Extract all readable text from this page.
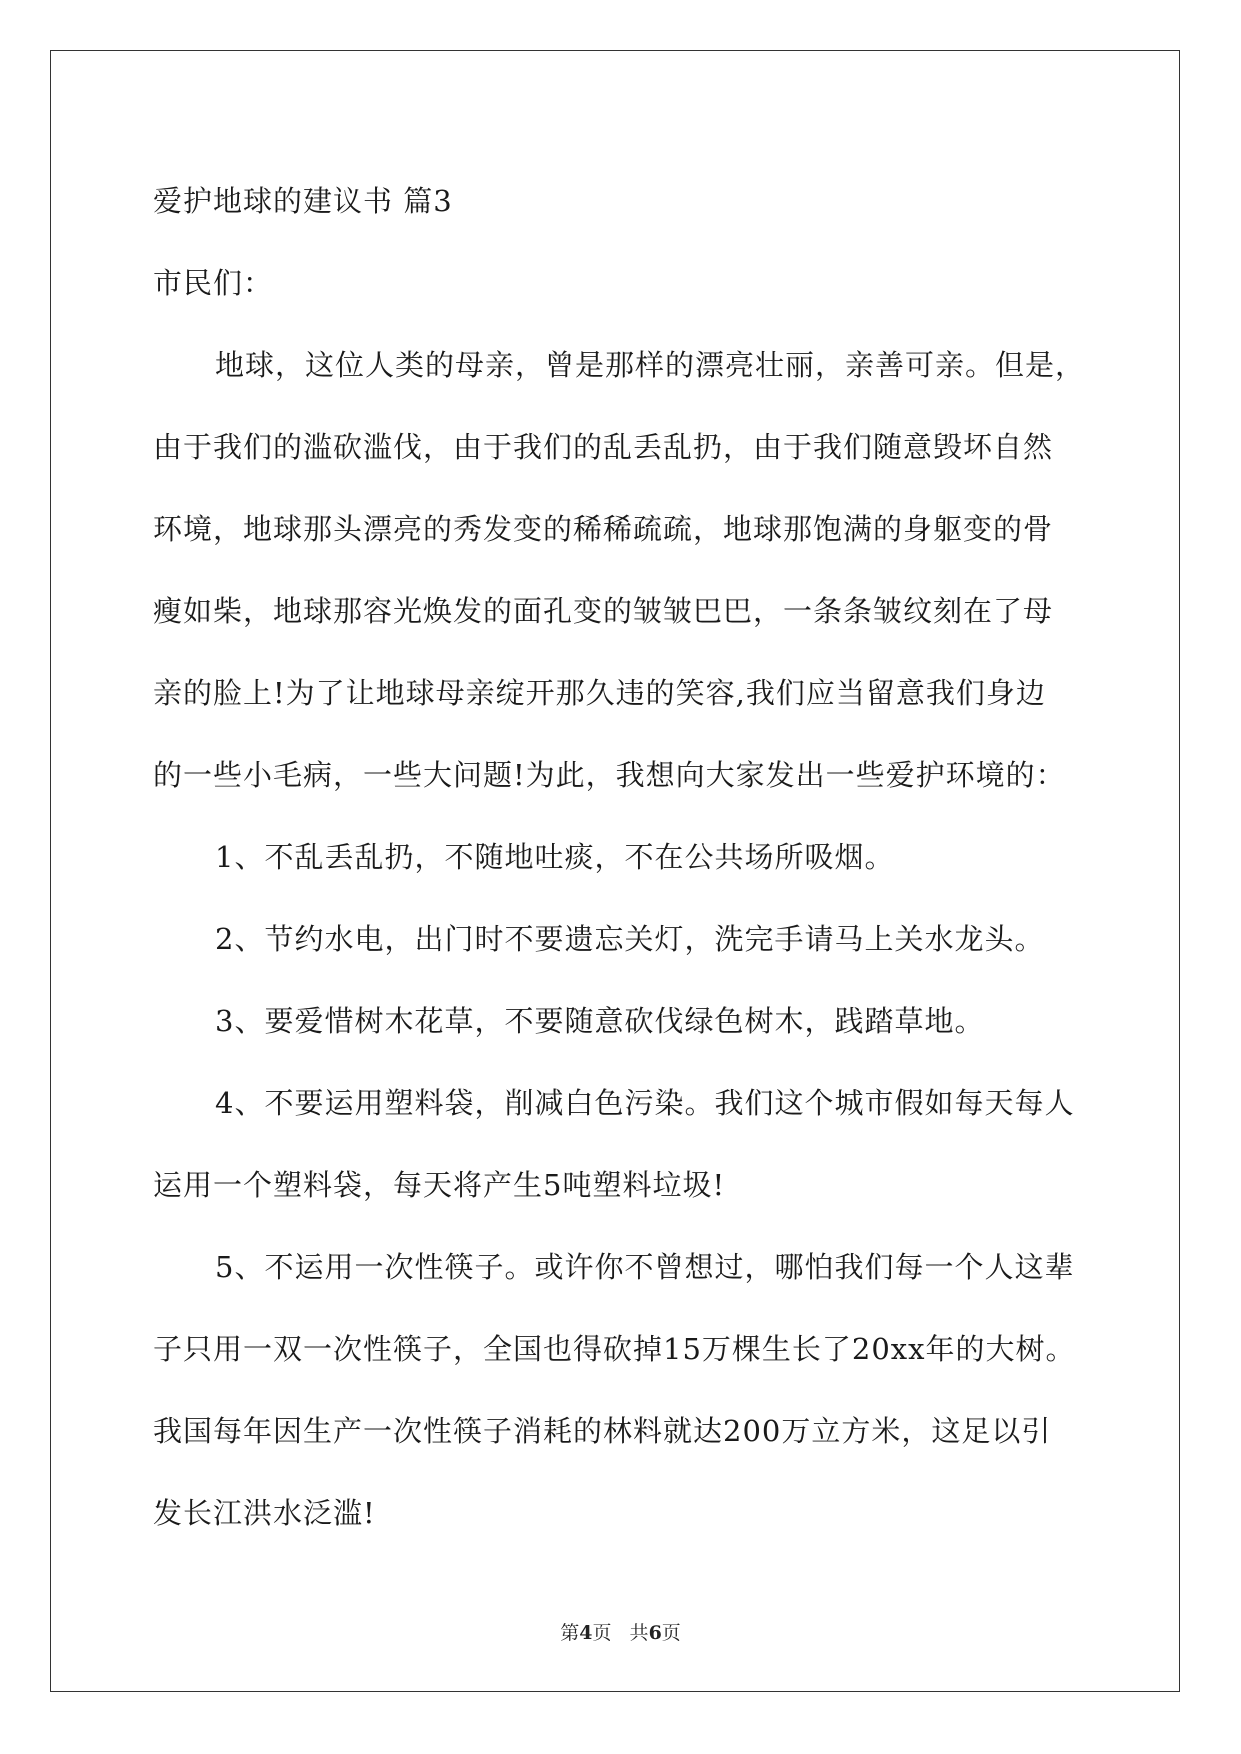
爱护地球的建议书 篇3
市民们：
地球，这位人类的母亲，曾是那样的漂亮壮丽，亲善可亲。但是，
由于我们的滥砍滥伐，由于我们的乱丢乱扔，由于我们随意毁坏自然
环境，地球那头漂亮的秀发变的稀稀疏疏，地球那饱满的身躯变的骨
瘦如柴，地球那容光焕发的面孔变的皱皱巴巴，一条条皱纹刻在了母
亲的脸上!为了让地球母亲绽开那久违的笑容,我们应当留意我们身边
的一些小毛病，一些大问题!为此，我想向大家发出一些爱护环境的：
1、不乱丢乱扔，不随地吐痰，不在公共场所吸烟。
2、节约水电，出门时不要遗忘关灯，洗完手请马上关水龙头。
3、要爱惜树木花草，不要随意砍伐绿色树木，践踏草地。
4、不要运用塑料袋，削减白色污染。我们这个城市假如每天每人
运用一个塑料袋，每天将产生5吨塑料垃圾!
5、不运用一次性筷子。或许你不曾想过，哪怕我们每一个人这辈
子只用一双一次性筷子，全国也得砍掉15万棵生长了20xx年的大树。
我国每年因生产一次性筷子消耗的林料就达200万立方米，这足以引
发长江洪水泛滥!
第4页   共6页
